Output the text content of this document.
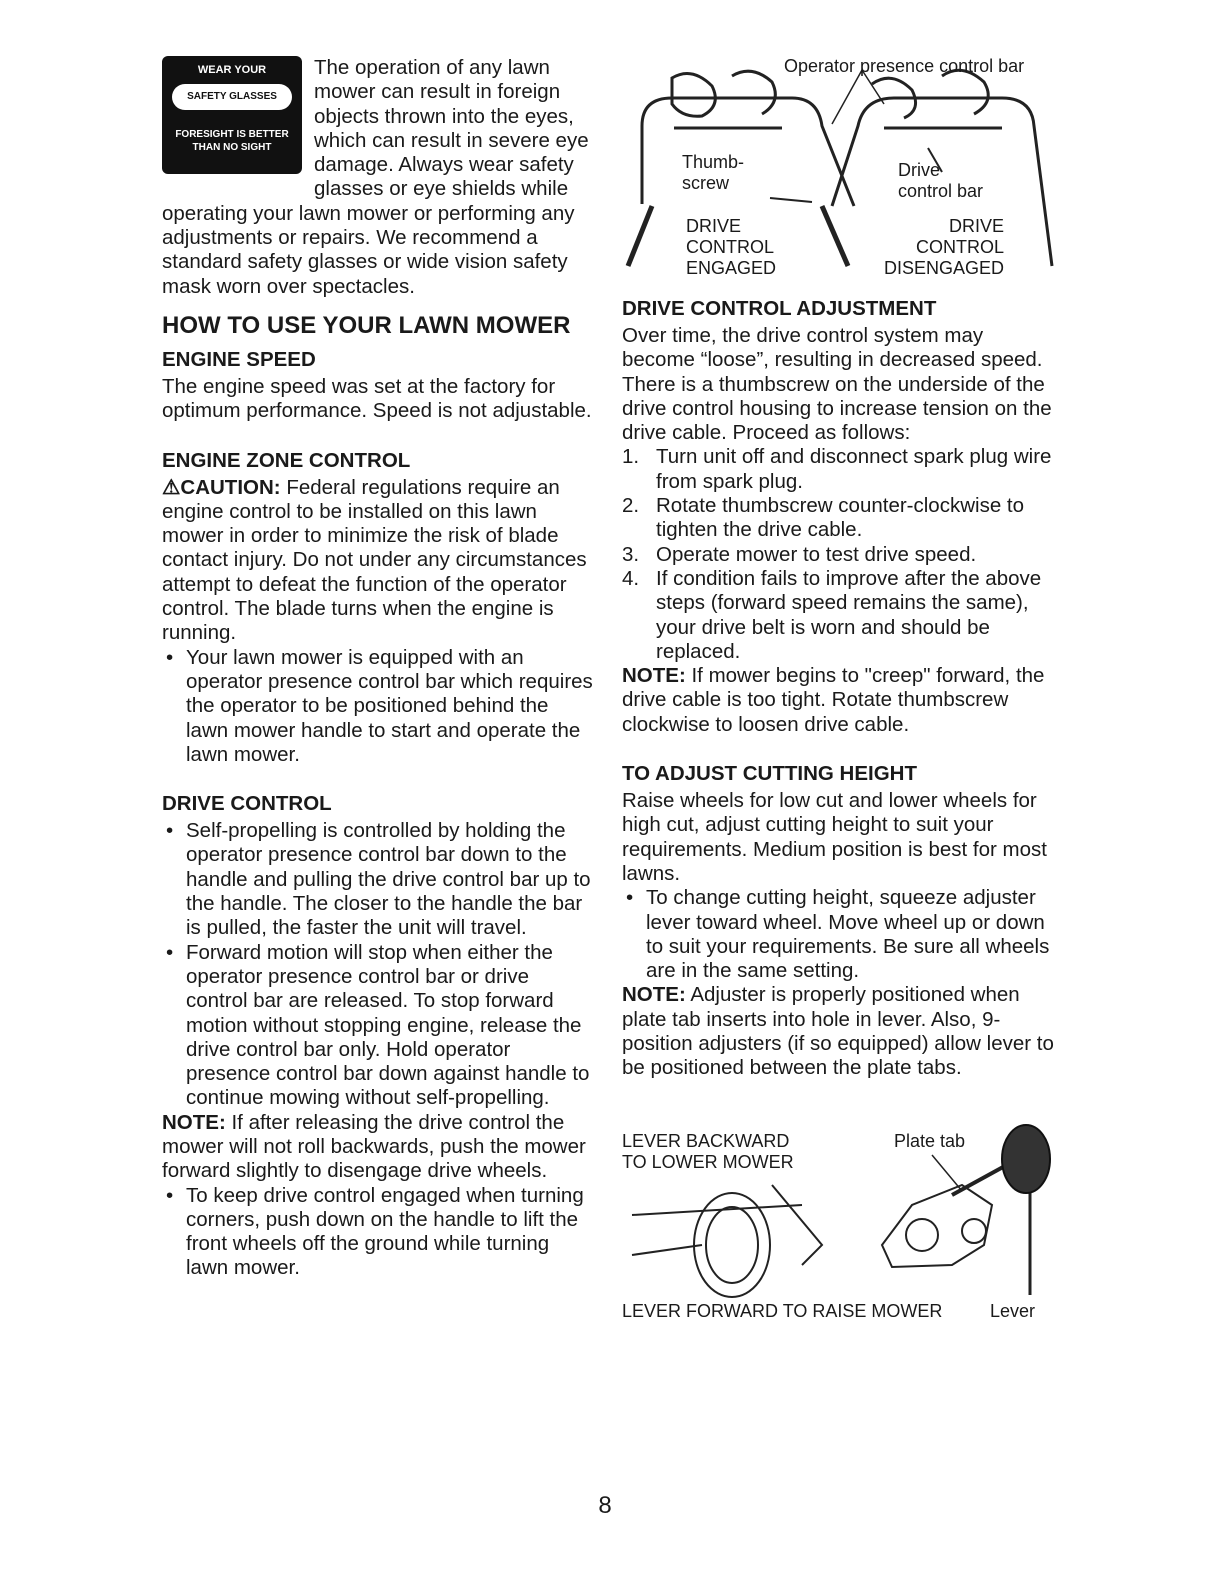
WEAR YOUR
SAFETY GLASSES
FORESIGHT IS BETTER
THAN NO SIGHT

The operation of any lawn mower can result in foreign objects thrown into the eyes, which can result in severe eye damage. Always wear safety glasses or eye shields while operating your lawn mower or performing any adjustments or repairs. We recommend a standard safety glasses or wide vision safety mask worn over spectacles.

HOW TO USE YOUR LAWN MOWER
ENGINE SPEED

The engine speed was set at the factory for optimum performance. Speed is not adjustable.

ENGINE ZONE CONTROL

⚠CAUTION: Federal regulations require an engine control to be installed on this lawn mower in order to minimize the risk of blade contact injury. Do not under any circumstances attempt to defeat the function of the operator control. The blade turns when the engine is running.

• Your lawn mower is equipped with an operator presence control bar which requires the operator to be positioned behind the lawn mower handle to start and operate the lawn mower.
DRIVE CONTROL
• Self-propelling is controlled by holding the operator presence control bar down to the handle and pulling the drive control bar up to the handle. The closer to the handle the bar is pulled, the faster the unit will travel.
• Forward motion will stop when either the operator presence control bar or drive control bar are released. To stop forward motion without stopping engine, release the drive control bar only. Hold operator presence control bar down against handle to continue mowing without self-propelling.

NOTE: If after releasing the drive control the mower will not roll backwards, push the mower forward slightly to disengage drive wheels.

• To keep drive control engaged when turning corners, push down on the handle to lift the front wheels off the ground while turning lawn mower.
Operator presence control bar
Thumb-
screw
Drive
control bar
DRIVE
CONTROL
ENGAGED
DRIVE
CONTROL
DISENGAGED
DRIVE CONTROL ADJUSTMENT

Over time, the drive control system may become “loose”, resulting in decreased speed. There is a thumbscrew on the underside of the drive control housing to increase tension on the drive cable. Proceed as follows:

1. Turn unit off and disconnect spark plug wire from spark plug.
2. Rotate thumbscrew counter-clockwise to tighten the drive cable.
3. Operate mower to test drive speed.
4. If condition fails to improve after the above steps (forward speed remains the same), your drive belt is worn and should be replaced.

NOTE: If mower begins to "creep" forward, the drive cable is too tight. Rotate thumbscrew clockwise to loosen drive cable.

TO ADJUST CUTTING HEIGHT

Raise wheels for low cut and lower wheels for high cut, adjust cutting height to suit your requirements. Medium position is best for most lawns.

• To change cutting height, squeeze adjuster lever toward wheel. Move wheel up or down to suit your requirements. Be sure all wheels are in the same setting.

NOTE: Adjuster is properly positioned when plate tab inserts into hole in lever. Also, 9-position adjusters (if so equipped) allow lever to be positioned between the plate tabs.

LEVER BACKWARD
TO LOWER MOWER
Plate tab
LEVER FORWARD TO RAISE MOWER	Lever
8
